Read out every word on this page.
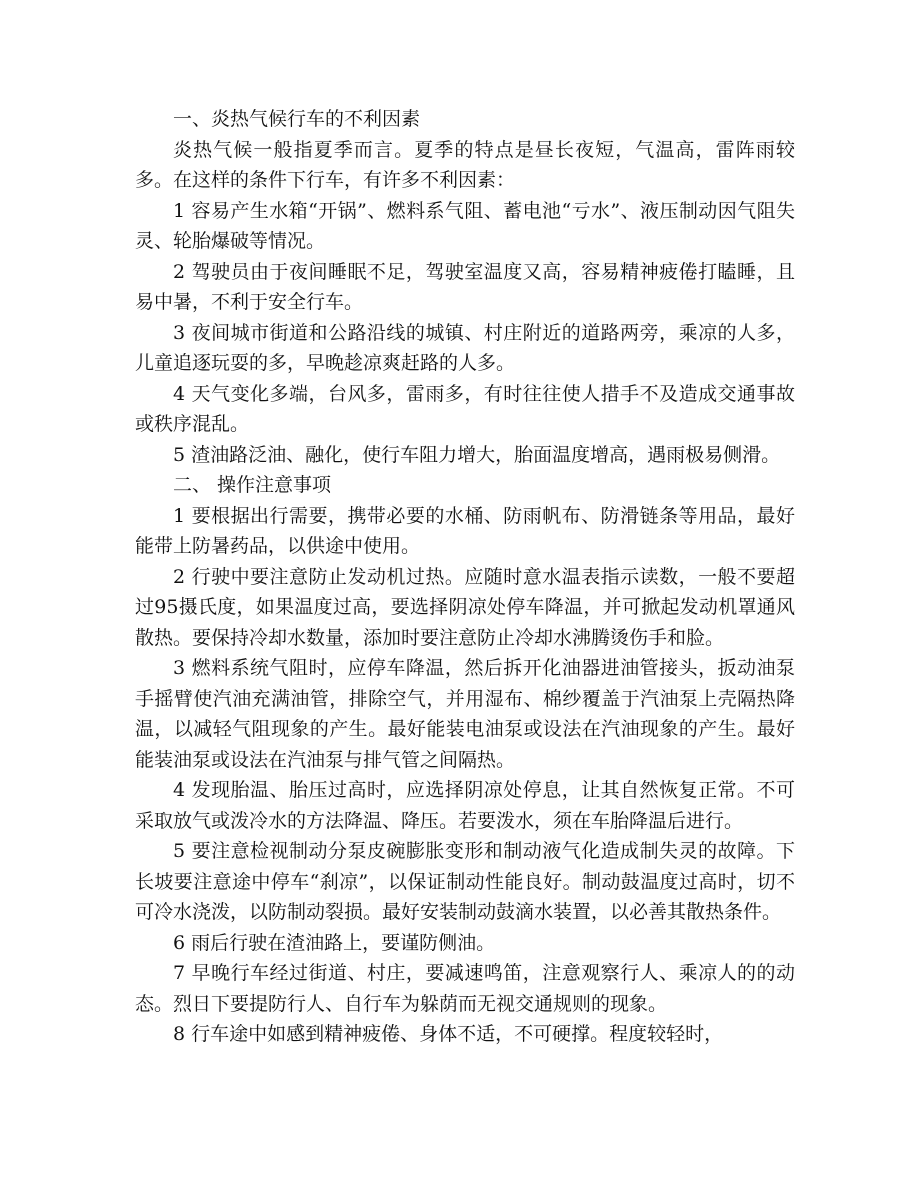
一、炎热气候行车的不利因素

炎热气候一般指夏季而言。夏季的特点是昼长夜短，气温高，雷阵雨较多。在这样的条件下行车，有许多不利因素：

1 容易产生水箱“开锅”、燃料系气阻、蓄电池“亏水”、液压制动因气阻失灵、轮胎爆破等情况。

2 驾驶员由于夜间睡眠不足，驾驶室温度又高，容易精神疲倦打瞌睡，且易中暑，不利于安全行车。

3 夜间城市街道和公路沿线的城镇、村庄附近的道路两旁，乘凉的人多，儿童追逐玩耍的多，早晚趁凉爽赶路的人多。

4 天气变化多端，台风多，雷雨多，有时往往使人措手不及造成交通事故或秩序混乱。

5 渣油路泛油、融化，使行车阻力增大，胎面温度增高，遇雨极易侧滑。

二、 操作注意事项

1 要根据出行需要，携带必要的水桶、防雨帆布、防滑链条等用品，最好能带上防暑药品，以供途中使用。

2 行驶中要注意防止发动机过热。应随时意水温表指示读数，一般不要超过95摄氏度，如果温度过高，要选择阴凉处停车降温，并可掀起发动机罩通风散热。要保持冷却水数量，添加时要注意防止冷却水沸腾烫伤手和脸。

3 燃料系统气阻时，应停车降温，然后拆开化油器进油管接头，扳动油泵手摇臂使汽油充满油管，排除空气，并用湿布、棉纱覆盖于汽油泵上壳隔热降温，以减轻气阻现象的产生。最好能装电油泵或设法在汽油现象的产生。最好能装油泵或设法在汽油泵与排气管之间隔热。

4 发现胎温、胎压过高时，应选择阴凉处停息，让其自然恢复正常。不可采取放气或泼冷水的方法降温、降压。若要泼水，须在车胎降温后进行。

5 要注意检视制动分泵皮碗膨胀变形和制动液气化造成制失灵的故障。下长坡要注意途中停车“刹凉”，以保证制动性能良好。制动鼓温度过高时，切不可冷水浇泼，以防制动裂损。最好安装制动鼓滴水装置，以必善其散热条件。

6 雨后行驶在渣油路上，要谨防侧油。

7 早晚行车经过街道、村庄，要减速鸣笛，注意观察行人、乘凉人的的动态。烈日下要提防行人、自行车为躲荫而无视交通规则的现象。

8 行车途中如感到精神疲倦、身体不适，不可硬撑。程度较轻时，
